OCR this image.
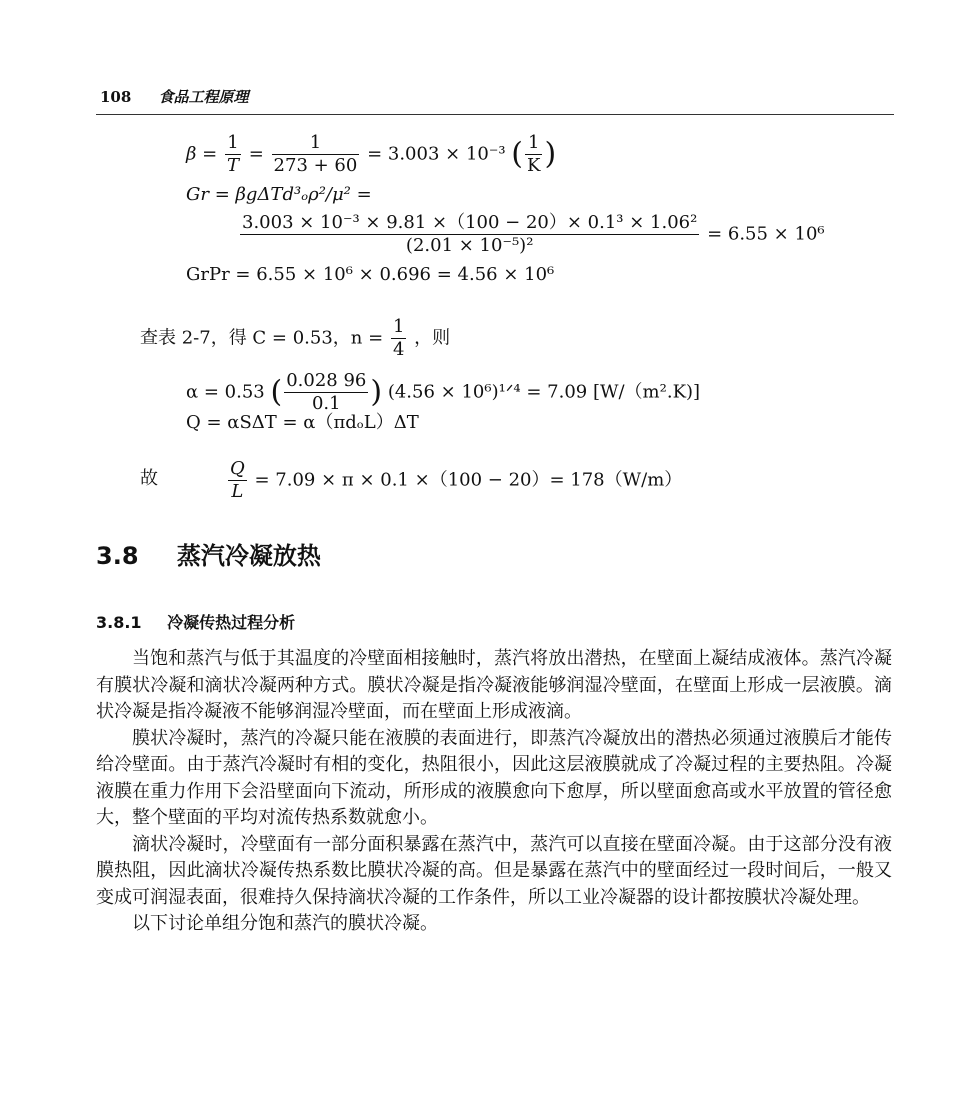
108 食品工程原理
$\beta = \frac{1}{T} = \frac{1}{273 + 60} = 3.003 \times 10^{-3}$ ( $\frac{1}{K}$ )
Gr = βgΔTd³ₒρ²/μ² =
$\frac{\text{3.003 × 10⁻³ × 9.81 ×（100 − 20）× 0.1³ × 1.06²}}{\text{(2.01 × 10⁻⁵)²}} = 6.55 \times 10^6$
GrPr = 6.55 × 10⁶ × 0.696 = 4.56 × 10⁶
查表 2-7，得 C = 0.53，$n = \frac{1}{4}$ ，则
α = 0.53 ( $\frac{0.028 96}{0.1}$ ) (4.56 × 10⁶)¹ᐟ⁴ = 7.09 [W/（m².K)]
Q = αSΔT = α（πdₒL）ΔT
故	$\frac{Q}{L} = 7.09 \times \pi \times 0.1 \times(100 - 20)= 178(W/m)$
3.8 蒸汽冷凝放热
3.8.1 冷凝传热过程分析

当饱和蒸汽与低于其温度的冷壁面相接触时，蒸汽将放出潜热，在壁面上凝结成液体。蒸汽冷凝有膜状冷凝和滴状冷凝两种方式。膜状冷凝是指冷凝液能够润湿冷壁面，在壁面上形成一层液膜。滴状冷凝是指冷凝液不能够润湿冷壁面，而在壁面上形成液滴。

膜状冷凝时，蒸汽的冷凝只能在液膜的表面进行，即蒸汽冷凝放出的潜热必须通过液膜后才能传给冷壁面。由于蒸汽冷凝时有相的变化，热阻很小，因此这层液膜就成了冷凝过程的主要热阻。冷凝液膜在重力作用下会沿壁面向下流动，所形成的液膜愈向下愈厚，所以壁面愈高或水平放置的管径愈大，整个壁面的平均对流传热系数就愈小。

滴状冷凝时，冷壁面有一部分面积暴露在蒸汽中，蒸汽可以直接在壁面冷凝。由于这部分没有液膜热阻，因此滴状冷凝传热系数比膜状冷凝的高。但是暴露在蒸汽中的壁面经过一段时间后，一般又变成可润湿表面，很难持久保持滴状冷凝的工作条件，所以工业冷凝器的设计都按膜状冷凝处理。

以下讨论单组分饱和蒸汽的膜状冷凝。
